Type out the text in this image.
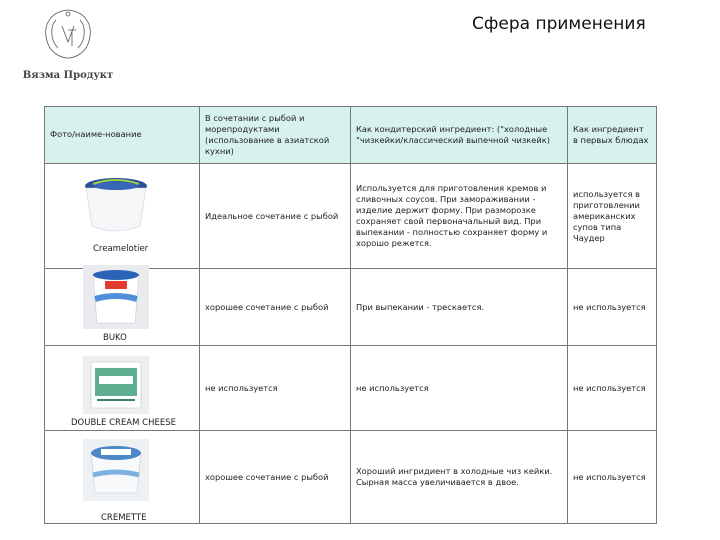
Вязма Продукт
Сфера применения
Фото/наиме-нование	В сочетании с рыбой и морепродуктами (использование в азиатской кухни)	Как кондитерский ингредиент: ("холодные "чизкейки/классический выпечной чизкейк)	Как ингредиент в первых блюдах

Creamelotier	Идеальное сочетание с рыбой	Используется для приготовления кремов и сливочных соусов. При замораживании - изделие держит форму. При разморозке сохраняет свой первоначальный вид. При выпекании - полностью сохраняет форму и хорошо режется.	используется в приготовлении американских супов типа Чаудер

BUKO	хорошее сочетание с рыбой	При выпекании - трескается.	не используется

DOUBLE CREAM CHEESE	не используется	не используется	не используется

CREMETTE	хорошее сочетание с рыбой	Хороший ингридиент в холодные чиз кейки. Сырная масса увеличивается в двое.	не используется
